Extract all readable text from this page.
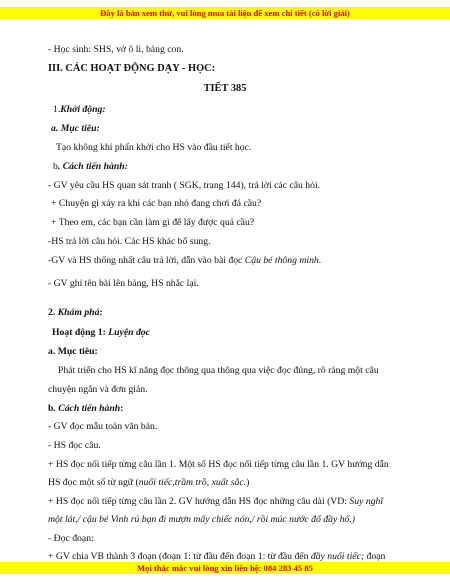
Đây là bản xem thử, vui lòng mua tài liệu để xem chi tiết (có lời giải)
- Học sinh: SHS, vở ô li, bảng con.
III. CÁC HOẠT ĐỘNG DẠY - HỌC:
TIẾT 385
1.Khởi động:
a. Mục tiêu:
Tạo không khí phấn khởi cho HS vào đầu tiết học.
b. Cách tiến hành:
- GV yêu cầu HS quan sát tranh ( SGK, trang 144), trả lời các câu hỏi.
+ Chuyện gì xảy ra khi các bạn nhỏ đang chơi đá cầu?
+ Theo em, các bạn cần làm gì để lấy được quả cầu?
-HS trả lời câu hỏi. Các HS khác bổ sung.
-GV và HS thống nhất câu trả lời, dẫn vào bài đọc Cậu bé thông minh.
- GV ghi tên bài lên bảng, HS nhắc lại.
2. Khám phá:
Hoạt động 1: Luyện đọc
a. Mục tiêu:
Phát triển cho HS kĩ năng đọc thông qua thông qua việc đọc đúng, rõ ràng một câu
chuyện ngắn và đơn giản.
b. Cách tiến hành:
- GV đọc mẫu toàn văn bản.
- HS đọc câu.
+ HS đọc nối tiếp từng câu lần 1. Một số HS đọc nối tiếp từng câu lần 1. GV hướng dẫn
HS đọc một số từ ngữ (nuối tiếc,trầm trồ, xuất sắc.)
+ HS đọc nối tiếp từng câu lần 2. GV hướng dẫn HS đọc những câu dài (VD: Suy nghĩ
một lát,/ cậu bé Vinh rủ bạn đi mượn mấy chiếc nón,/ rồi múc nước đổ đầy hố.)
- Đọc đoạn:
+ GV chia VB thành 3 đoạn (đoạn 1: từ đầu đến đoạn 1: từ đầu đến đầy nuối tiếc; đoạn
Mọi thắc mắc vui lòng xin liên hệ: 084 283 45 85
